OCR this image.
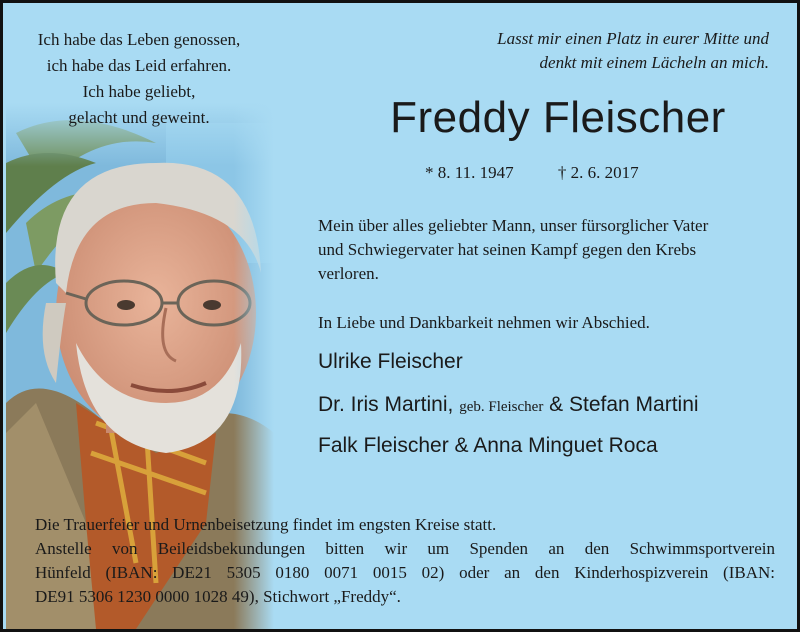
Ich habe das Leben genossen,
ich habe das Leid erfahren.
Ich habe geliebt,
gelacht und geweint.
Lasst mir einen Platz in eurer Mitte und
denkt mit einem Lächeln an mich.
Freddy Fleischer
* 8. 11. 1947	† 2. 6. 2017
Mein über alles geliebter Mann, unser fürsorglicher Vater
und Schwiegervater hat seinen Kampf gegen den Krebs
verloren.
In Liebe und Dankbarkeit nehmen wir Abschied.
Ulrike Fleischer
Dr. Iris Martini, geb. Fleischer & Stefan Martini
Falk Fleischer & Anna Minguet Roca
Die Trauerfeier und Urnenbeisetzung findet im engsten Kreise statt.
Anstelle von Beileidsbekundungen bitten wir um Spenden an den Schwimmsportverein
Hünfeld (IBAN: DE21 5305 0180 0071 0015 02) oder an den Kinderhospizverein (IBAN:
DE91 5306 1230 0000 1028 49), Stichwort „Freddy“.
